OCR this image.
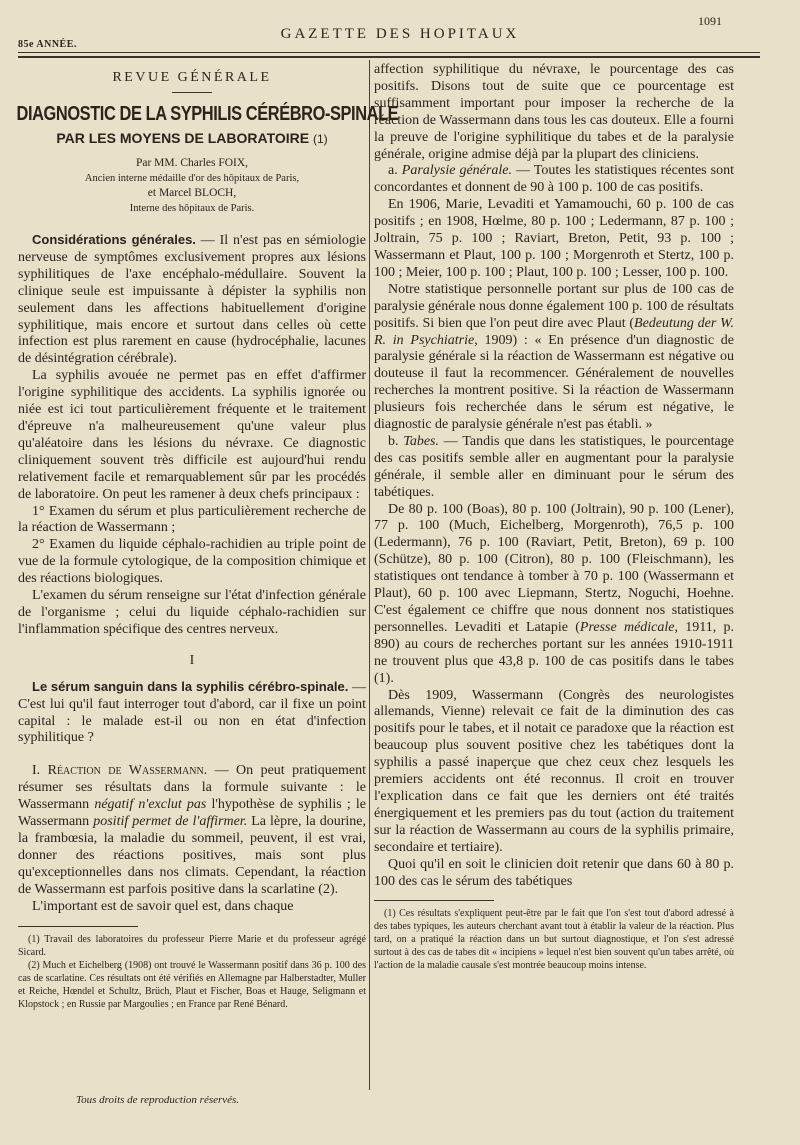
85e ANNÉE.
GAZETTE DES HOPITAUX
1091
REVUE GÉNÉRALE
DIAGNOSTIC DE LA SYPHILIS CÉRÉBRO-SPINALE
PAR LES MOYENS DE LABORATOIRE (1)
Par MM. Charles FOIX,
Ancien interne médaille d'or des hôpitaux de Paris,
et Marcel BLOCH,
Interne des hôpitaux de Paris.

Considérations générales. — Il n'est pas en sémiologie nerveuse de symptômes exclusivement propres aux lésions syphilitiques de l'axe encéphalo-médullaire. Souvent la clinique seule est impuissante à dépister la syphilis non seulement dans les affections habituellement d'origine syphilitique, mais encore et surtout dans celles où cette infection est plus rarement en cause (hydrocéphalie, lacunes de désintégration cérébrale).

La syphilis avouée ne permet pas en effet d'affirmer l'origine syphilitique des accidents. La syphilis ignorée ou niée est ici tout particulièrement fréquente et le traitement d'épreuve n'a malheureusement qu'une valeur plus qu'aléatoire dans les lésions du névraxe. Ce diagnostic cliniquement souvent très difficile est aujourd'hui rendu relativement facile et remarquablement sûr par les procédés de laboratoire. On peut les ramener à deux chefs principaux :

1° Examen du sérum et plus particulièrement recherche de la réaction de Wassermann ;

2° Examen du liquide céphalo-rachidien au triple point de vue de la formule cytologique, de la composition chimique et des réactions biologiques.

L'examen du sérum renseigne sur l'état d'infection générale de l'organisme ; celui du liquide céphalo-rachidien sur l'inflammation spécifique des centres nerveux.

I

Le sérum sanguin dans la syphilis cérébro-spinale. — C'est lui qu'il faut interroger tout d'abord, car il fixe un point capital : le malade est-il ou non en état d'infection syphilitique ?

I. Réaction de Wassermann. — On peut pratiquement résumer ses résultats dans la formule suivante : le Wassermann négatif n'exclut pas l'hypothèse de syphilis ; le Wassermann positif permet de l'affirmer. La lèpre, la dourine, la frambœsia, la maladie du sommeil, peuvent, il est vrai, donner des réactions positives, mais sont plus qu'exceptionnelles dans nos climats. Cependant, la réaction de Wassermann est parfois positive dans la scarlatine (2).

L'important est de savoir quel est, dans chaque

(1) Travail des laboratoires du professeur Pierre Marie et du professeur agrégé Sicard.

(2) Much et Eichelberg (1908) ont trouvé le Wassermann positif dans 36 p. 100 des cas de scarlatine. Ces résultats ont été vérifiés en Allemagne par Halberstadter, Muller et Reiche, Hœndel et Schultz, Brüch, Plaut et Fischer, Boas et Hauge, Seligmann et Klopstock ; en Russie par Margoulies ; en France par René Bénard.

affection syphilitique du névraxe, le pourcentage des cas positifs. Disons tout de suite que ce pourcentage est suffisamment important pour imposer la recherche de la réaction de Wassermann dans tous les cas douteux. Elle a fourni la preuve de l'origine syphilitique du tabes et de la paralysie générale, origine admise déjà par la plupart des cliniciens.

a. Paralysie générale. — Toutes les statistiques récentes sont concordantes et donnent de 90 à 100 p. 100 de cas positifs.

En 1906, Marie, Levaditi et Yamamouchi, 60 p. 100 de cas positifs ; en 1908, Hœlme, 80 p. 100 ; Ledermann, 87 p. 100 ; Joltrain, 75 p. 100 ; Raviart, Breton, Petit, 93 p. 100 ; Wassermann et Plaut, 100 p. 100 ; Morgenroth et Stertz, 100 p. 100 ; Meier, 100 p. 100 ; Plaut, 100 p. 100 ; Lesser, 100 p. 100.

Notre statistique personnelle portant sur plus de 100 cas de paralysie générale nous donne également 100 p. 100 de résultats positifs. Si bien que l'on peut dire avec Plaut (Bedeutung der W. R. in Psychiatrie, 1909) : « En présence d'un diagnostic de paralysie générale si la réaction de Wassermann est négative ou douteuse il faut la recommencer. Généralement de nouvelles recherches la montrent positive. Si la réaction de Wassermann plusieurs fois recherchée dans le sérum est négative, le diagnostic de paralysie générale n'est pas établi. »

b. Tabes. — Tandis que dans les statistiques, le pourcentage des cas positifs semble aller en augmentant pour la paralysie générale, il semble aller en diminuant pour le sérum des tabétiques.

De 80 p. 100 (Boas), 80 p. 100 (Joltrain), 90 p. 100 (Lener), 77 p. 100 (Much, Eichelberg, Morgenroth), 76,5 p. 100 (Ledermann), 76 p. 100 (Raviart, Petit, Breton), 69 p. 100 (Schütze), 80 p. 100 (Citron), 80 p. 100 (Fleischmann), les statistiques ont tendance à tomber à 70 p. 100 (Wassermann et Plaut), 60 p. 100 avec Liepmann, Stertz, Noguchi, Hoehne. C'est également ce chiffre que nous donnent nos statistiques personnelles. Levaditi et Latapie (Presse médicale, 1911, p. 890) au cours de recherches portant sur les années 1910-1911 ne trouvent plus que 43,8 p. 100 de cas positifs dans le tabes (1).

Dès 1909, Wassermann (Congrès des neurologistes allemands, Vienne) relevait ce fait de la diminution des cas positifs pour le tabes, et il notait ce paradoxe que la réaction est beaucoup plus souvent positive chez les tabétiques dont la syphilis a passé inaperçue que chez ceux chez lesquels les premiers accidents ont été reconnus. Il croit en trouver l'explication dans ce fait que les derniers ont été traités énergiquement et les premiers pas du tout (action du traitement sur la réaction de Wassermann au cours de la syphilis primaire, secondaire et tertiaire).

Quoi qu'il en soit le clinicien doit retenir que dans 60 à 80 p. 100 des cas le sérum des tabétiques

(1) Ces résultats s'expliquent peut-être par le fait que l'on s'est tout d'abord adressé à des tabes typiques, les auteurs cherchant avant tout à établir la valeur de la réaction. Plus tard, on a pratiqué la réaction dans un but surtout diagnostique, et l'on s'est adressé surtout à des cas de tabes dit « incipiens » lequel n'est bien souvent qu'un tabes arrêté, où l'action de la maladie causale s'est montrée beaucoup moins intense.

Tous droits de reproduction réservés.
